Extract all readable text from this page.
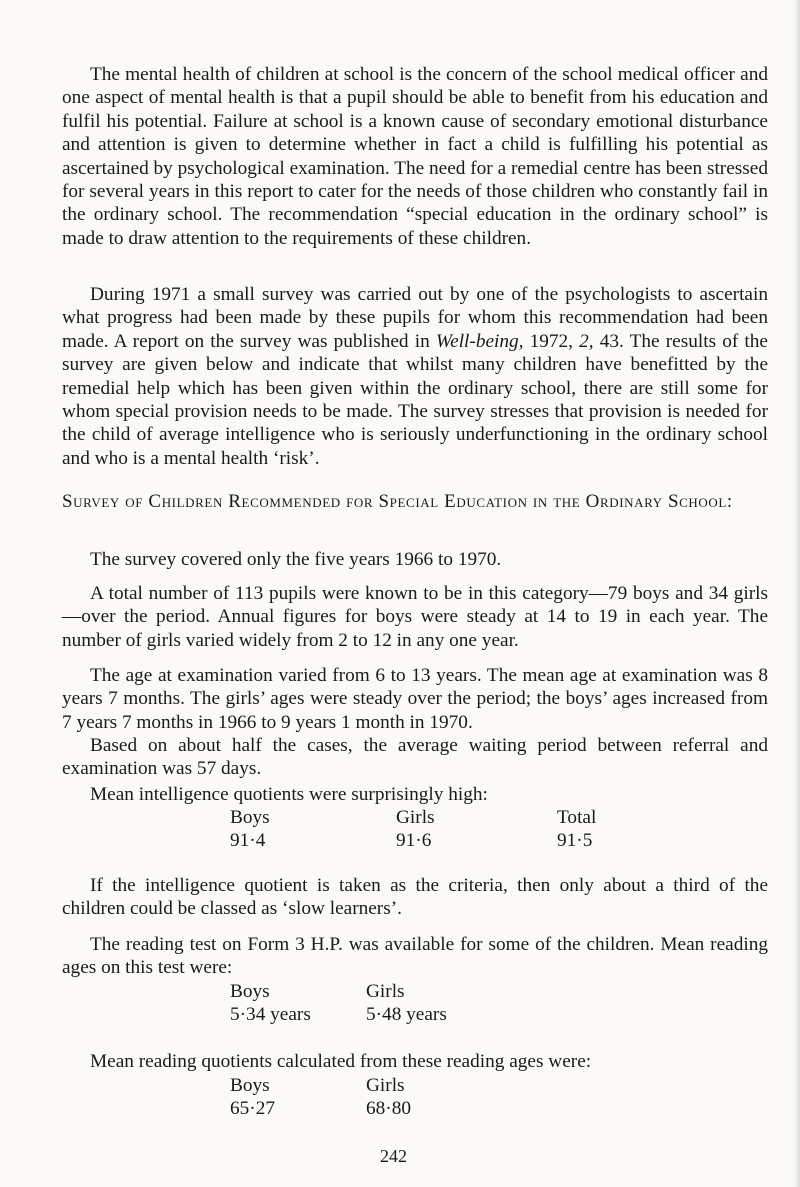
The mental health of children at school is the concern of the school medical officer and one aspect of mental health is that a pupil should be able to benefit from his education and fulfil his potential. Failure at school is a known cause of secondary emotional disturbance and attention is given to determine whether in fact a child is fulfilling his potential as ascertained by psychological examination. The need for a remedial centre has been stressed for several years in this report to cater for the needs of those children who constantly fail in the ordinary school. The recommendation “special education in the ordinary school” is made to draw attention to the requirements of these children.

During 1971 a small survey was carried out by one of the psychologists to ascertain what progress had been made by these pupils for whom this recommendation had been made. A report on the survey was published in Well-being, 1972, 2, 43. The results of the survey are given below and indicate that whilst many children have benefitted by the remedial help which has been given within the ordinary school, there are still some for whom special provision needs to be made. The survey stresses that provision is needed for the child of average intelligence who is seriously underfunctioning in the ordinary school and who is a mental health ‘risk’.

Survey of Children Recommended for Special Education in the Ordinary School:

The survey covered only the five years 1966 to 1970.

A total number of 113 pupils were known to be in this category—79 boys and 34 girls—over the period. Annual figures for boys were steady at 14 to 19 in each year. The number of girls varied widely from 2 to 12 in any one year.

The age at examination varied from 6 to 13 years. The mean age at examination was 8 years 7 months. The girls’ ages were steady over the period; the boys’ ages increased from 7 years 7 months in 1966 to 9 years 1 month in 1970.

Based on about half the cases, the average waiting period between referral and examination was 57 days.

Mean intelligence quotients were surprisingly high:

Boys	Girls	Total
91·4	91·6	91·5

If the intelligence quotient is taken as the criteria, then only about a third of the children could be classed as ‘slow learners’.

The reading test on Form 3 H.P. was available for some of the children. Mean reading ages on this test were:

Boys	Girls
5·34 years	5·48 years

Mean reading quotients calculated from these reading ages were:

Boys	Girls
65·27	68·80
242
